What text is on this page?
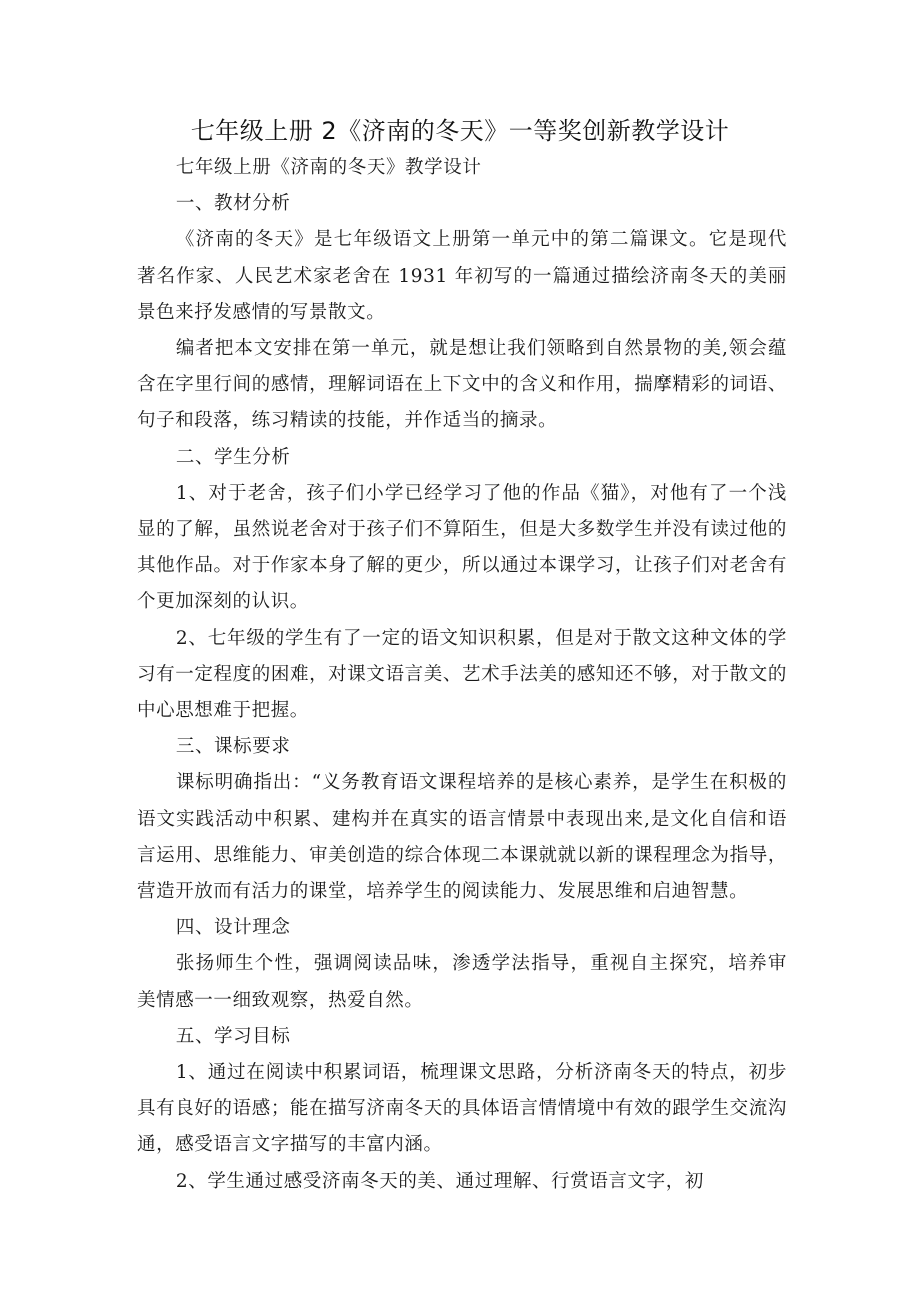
七年级上册 2《济南的冬天》一等奖创新教学设计

七年级上册《济南的冬天》教学设计

一、教材分析

《济南的冬天》是七年级语文上册第一单元中的第二篇课文。它是现代著名作家、人民艺术家老舍在 1931 年初写的一篇通过描绘济南冬天的美丽景色来抒发感情的写景散文。

编者把本文安排在第一单元，就是想让我们领略到自然景物的美,领会蕴含在字里行间的感情，理解词语在上下文中的含义和作用，揣摩精彩的词语、句子和段落，练习精读的技能，并作适当的摘录。

二、学生分析

1、对于老舍，孩子们小学已经学习了他的作品《猫》，对他有了一个浅显的了解，虽然说老舍对于孩子们不算陌生，但是大多数学生并没有读过他的其他作品。对于作家本身了解的更少，所以通过本课学习，让孩子们对老舍有个更加深刻的认识。

2、七年级的学生有了一定的语文知识积累，但是对于散文这种文体的学习有一定程度的困难，对课文语言美、艺术手法美的感知还不够，对于散文的中心思想难于把握。

三、课标要求

课标明确指出：“义务教育语文课程培养的是核心素养，是学生在积极的语文实践活动中积累、建构并在真实的语言情景中表现出来,是文化自信和语言运用、思维能力、审美创造的综合体现二本课就就以新的课程理念为指导，营造开放而有活力的课堂，培养学生的阅读能力、发展思维和启迪智慧。

四、设计理念

张扬师生个性，强调阅读品味，渗透学法指导，重视自主探究，培养审美情感一一细致观察，热爱自然。

五、学习目标

1、通过在阅读中积累词语，梳理课文思路，分析济南冬天的特点，初步具有良好的语感；能在描写济南冬天的具体语言情情境中有效的跟学生交流沟通，感受语言文字描写的丰富内涵。

2、学生通过感受济南冬天的美、通过理解、行赏语言文字，初
